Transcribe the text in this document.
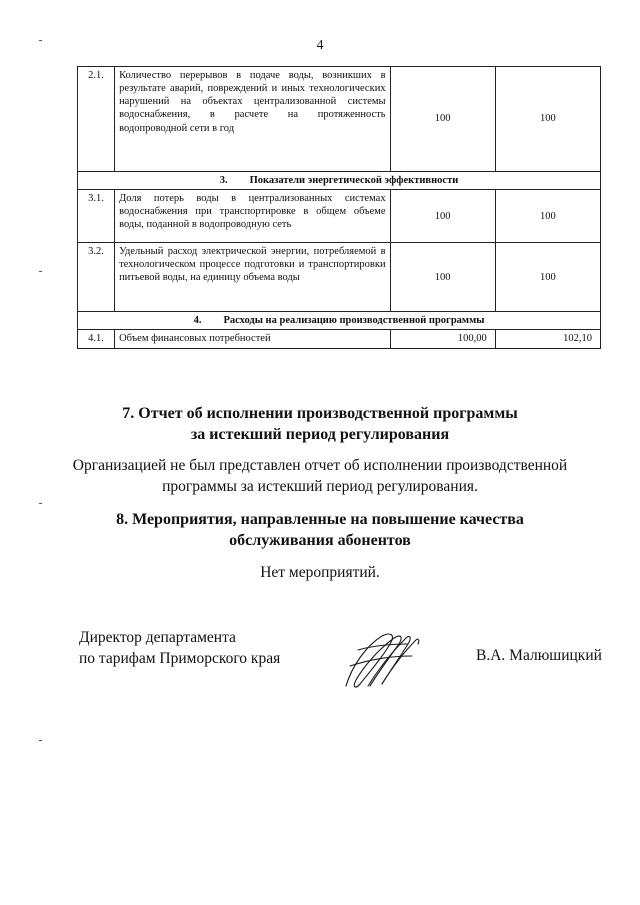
4
2.1.	Количество перерывов в подаче воды, возникших в результате аварий, повреждений и иных технологических нарушений на объектах централизованной системы водоснабжения, в расчете на протяженность водопроводной сети в год	100	100
3. Показатели энергетической эффективности			
3.1.	Доля потерь воды в централизованных системах водоснабжения при транспортировке в общем объеме воды, поданной в водопроводную сеть	100	100
3.2.	Удельный расход электрической энергии, потребляемой в технологическом процессе подготовки и транспортировки питьевой воды, на единицу объема воды	100	100
4. Расходы на реализацию производственной программы			
4.1.	Объем финансовых потребностей	100,00	102,10
7. Отчет об исполнении производственной программы
за истекший период регулирования
Организацией не был представлен отчет об исполнении производственной
программы за истекший период регулирования.
8. Мероприятия, направленные на повышение качества
обслуживания абонентов
Нет мероприятий.
Директор департамента
по тарифам Приморского края	В.А. Малюшицкий
